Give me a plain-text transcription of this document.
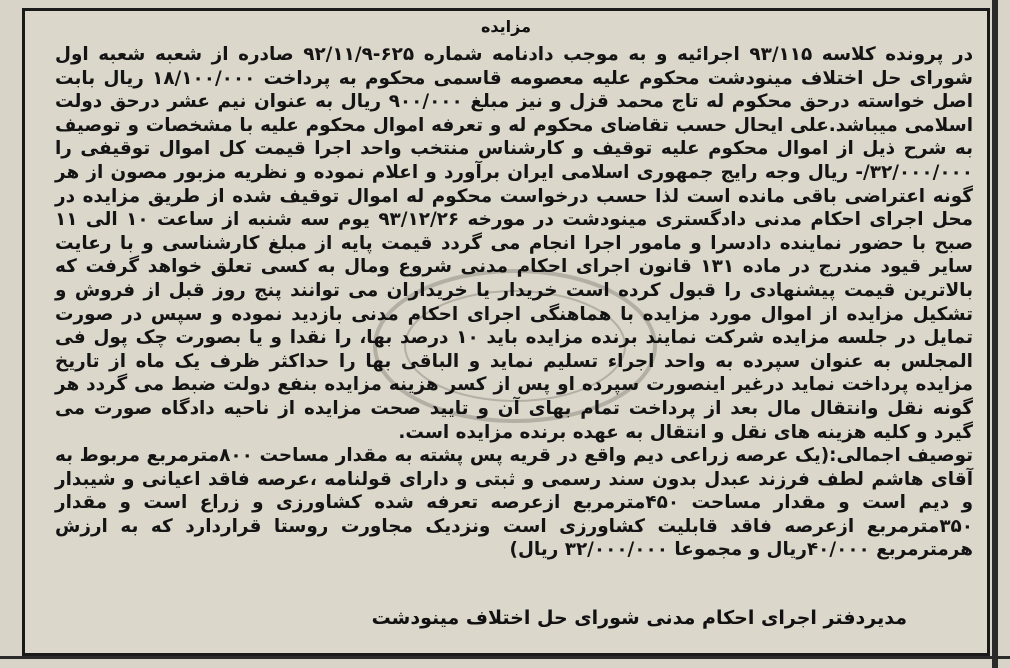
مزایده

در پرونده کلاسه ۹۳/۱۱۵ اجرائیه و به موجب دادنامه شماره ۶۲۵-۹۲/۱۱/۹ صادره از شعبه شعبه اول شورای حل اختلاف مینودشت محکوم علیه معصومه قاسمی محکوم به پرداخت ۱۸/۱۰۰/۰۰۰ ریال بابت اصل خواسته درحق محکوم له تاج محمد قزل و نیز مبلغ ۹۰۰/۰۰۰ ریال به عنوان نیم عشر درحق دولت اسلامی میباشد.علی ایحال حسب تقاضای محکوم له و تعرفه اموال محکوم علیه با مشخصات و توصیف به شرح ذیل از اموال محکوم علیه توقیف و کارشناس منتخب واحد اجرا قیمت کل اموال توقیفی را ۳۲/۰۰۰/۰۰۰/- ریال وجه رایج جمهوری اسلامی ایران برآورد و اعلام نموده و نظریه مزبور مصون از هر گونه اعتراضی باقی مانده است لذا حسب درخواست محکوم له اموال توقیف شده از طریق مزایده در محل اجرای احکام مدنی دادگستری مینودشت در مورخه ۹۳/۱۲/۲۶ یوم سه شنبه از ساعت ۱۰ الی ۱۱ صبح با حضور نماینده دادسرا و مامور اجرا انجام می گردد قیمت پایه از مبلغ کارشناسی و با رعایت سایر قیود مندرج در ماده ۱۳۱ قانون اجرای احکام مدنی شروع ومال به کسی تعلق خواهد گرفت که بالاترین قیمت پیشنهادی را قبول کرده است خریدار یا خریداران می توانند پنج روز قبل از فروش و تشکیل مزایده از اموال مورد مزایده با هماهنگی اجرای احکام مدنی بازدید نموده و سپس در صورت تمایل در جلسه مزایده شرکت نمایند برنده مزایده باید ۱۰ درصد بها، را نقدا و یا بصورت چک پول فی المجلس به عنوان سپرده به واحد اجراء تسلیم نماید و الباقی بها را حداکثر ظرف یک ماه از تاریخ مزایده پرداخت نماید درغیر اینصورت سپرده او پس از کسر هزینه مزایده بنفع دولت ضبط می گردد هر گونه نقل وانتقال مال بعد از پرداخت تمام بهای آن و تایید صحت مزایده از ناحیه دادگاه صورت می گیرد و کلیه هزینه های نقل و انتقال به عهده برنده مزایده است.

توصیف اجمالی:(یک عرصه زراعی دیم واقع در قریه پس پشته به مقدار مساحت ۸۰۰مترمربع مربوط به آقای هاشم لطف فرزند عبدل بدون سند رسمی و ثبتی و دارای قولنامه ،عرصه فاقد اعیانی و شیبدار و دیم است و مقدار مساحت ۴۵۰مترمربع ازعرصه تعرفه شده کشاورزی و زراع است و مقدار ۳۵۰مترمربع ازعرصه فاقد قابلیت کشاورزی است ونزدیک مجاورت روستا قراردارد که به ارزش هرمترمربع ۴۰/۰۰۰ریال و مجموعا ۳۲/۰۰۰/۰۰۰ ریال)

مدیردفتر اجرای احکام مدنی شورای حل اختلاف مینودشت
